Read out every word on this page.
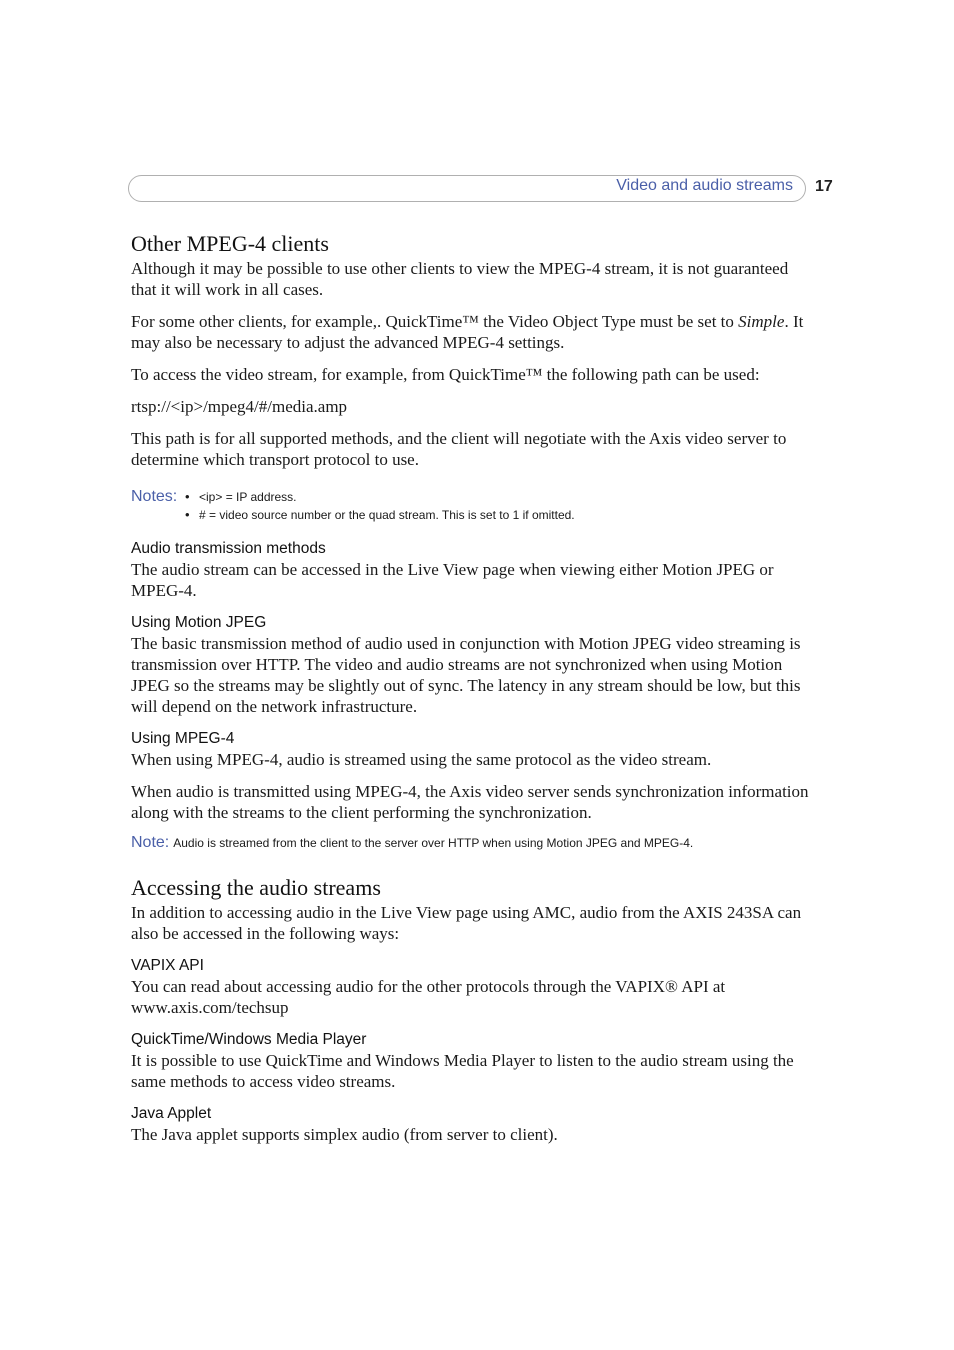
Video and audio streams 17
Other MPEG-4 clients

Although it may be possible to use other clients to view the MPEG-4 stream, it is not guaranteed that it will work in all cases.

For some other clients, for example,. QuickTime™ the Video Object Type must be set to Simple. It may also be necessary to adjust the advanced MPEG-4 settings.

To access the video stream, for example, from QuickTime™ the following path can be used:

rtsp://<ip>/mpeg4/#/media.amp

This path is for all supported methods, and the client will negotiate with the Axis video server to determine which transport protocol to use.

Notes:
•	<ip> = IP address.
• # = video source number or the quad stream. This is set to 1 if omitted.
Audio transmission methods

The audio stream can be accessed in the Live View page when viewing either Motion JPEG or MPEG-4.

Using Motion JPEG

The basic transmission method of audio used in conjunction with Motion JPEG video streaming is transmission over HTTP. The video and audio streams are not synchronized when using Motion JPEG so the streams may be slightly out of sync. The latency in any stream should be low, but this will depend on the network infrastructure.

Using MPEG-4

When using MPEG-4, audio is streamed using the same protocol as the video stream.

When audio is transmitted using MPEG-4, the Axis video server sends synchronization information along with the streams to the client performing the synchronization.

Note: Audio is streamed from the client to the server over HTTP when using Motion JPEG and MPEG-4.
Accessing the audio streams

In addition to accessing audio in the Live View page using AMC, audio from the AXIS 243SA can also be accessed in the following ways:

VAPIX API

You can read about accessing audio for the other protocols through the VAPIX® API at www.axis.com/techsup

QuickTime/Windows Media Player

It is possible to use QuickTime and Windows Media Player to listen to the audio stream using the same methods to access video streams.

Java Applet

The Java applet supports simplex audio (from server to client).
